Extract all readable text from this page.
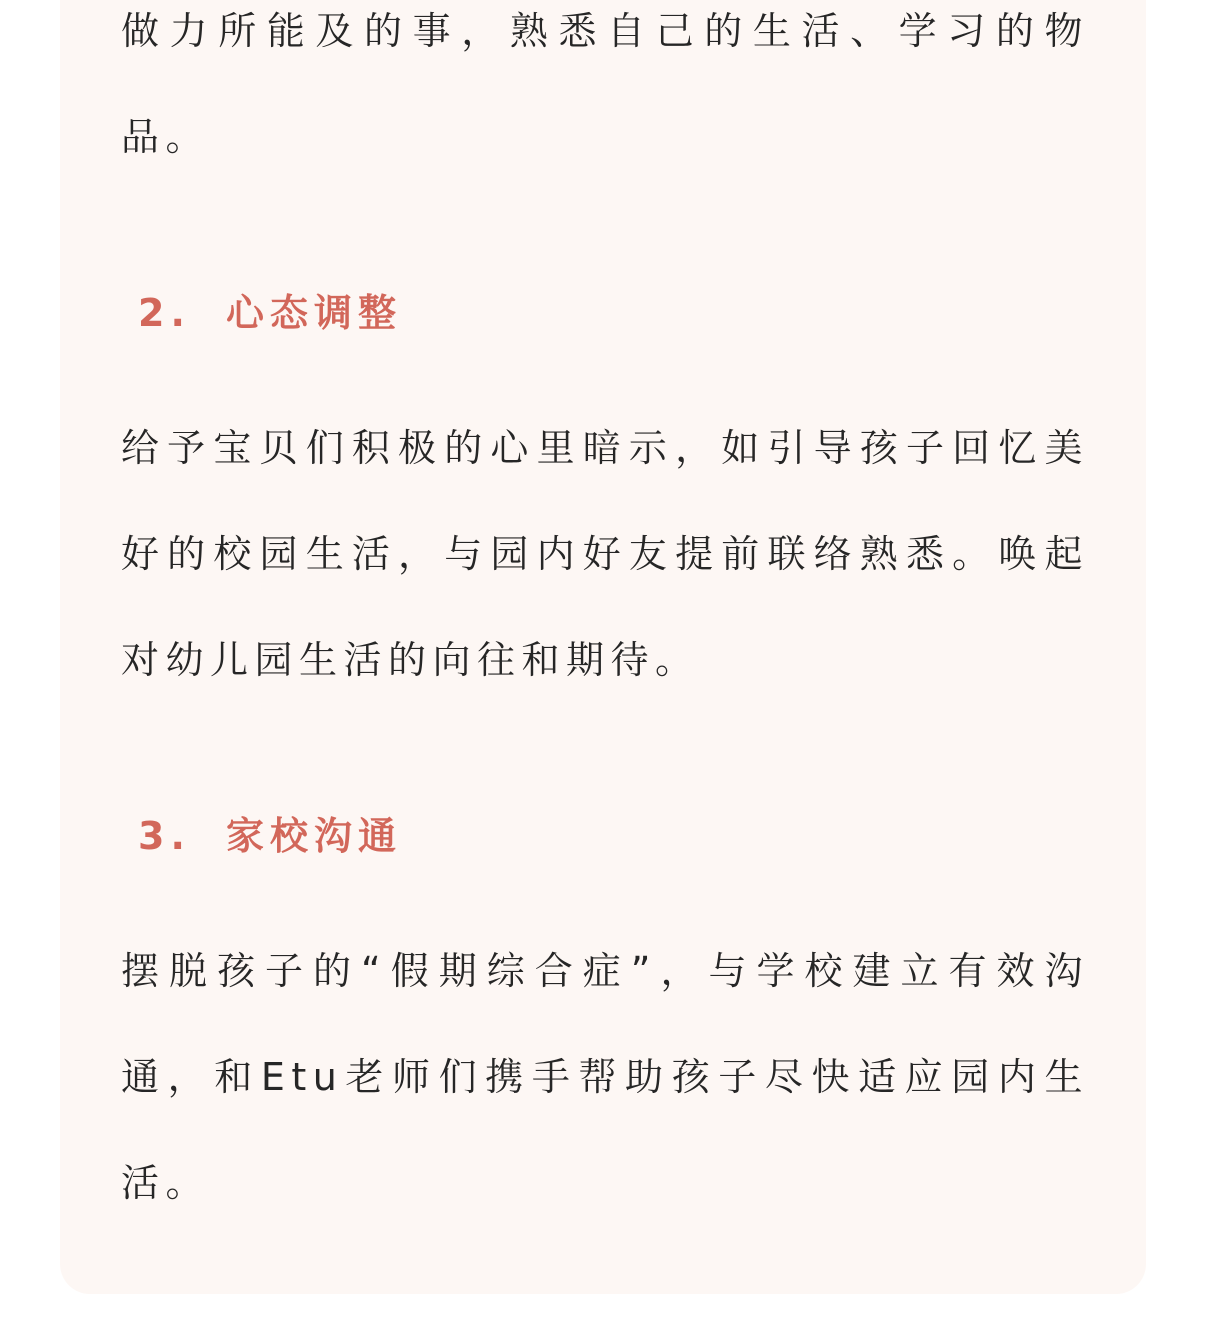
做力所能及的事，熟悉自己的生活、学习的物品。

2. 心态调整

给予宝贝们积极的心里暗示，如引导孩子回忆美好的校园生活，与园内好友提前联络熟悉。唤起对幼儿园生活的向往和期待。

3. 家校沟通

摆脱孩子的“假期综合症”，与学校建立有效沟通，和Etu老师们携手帮助孩子尽快适应园内生活。
